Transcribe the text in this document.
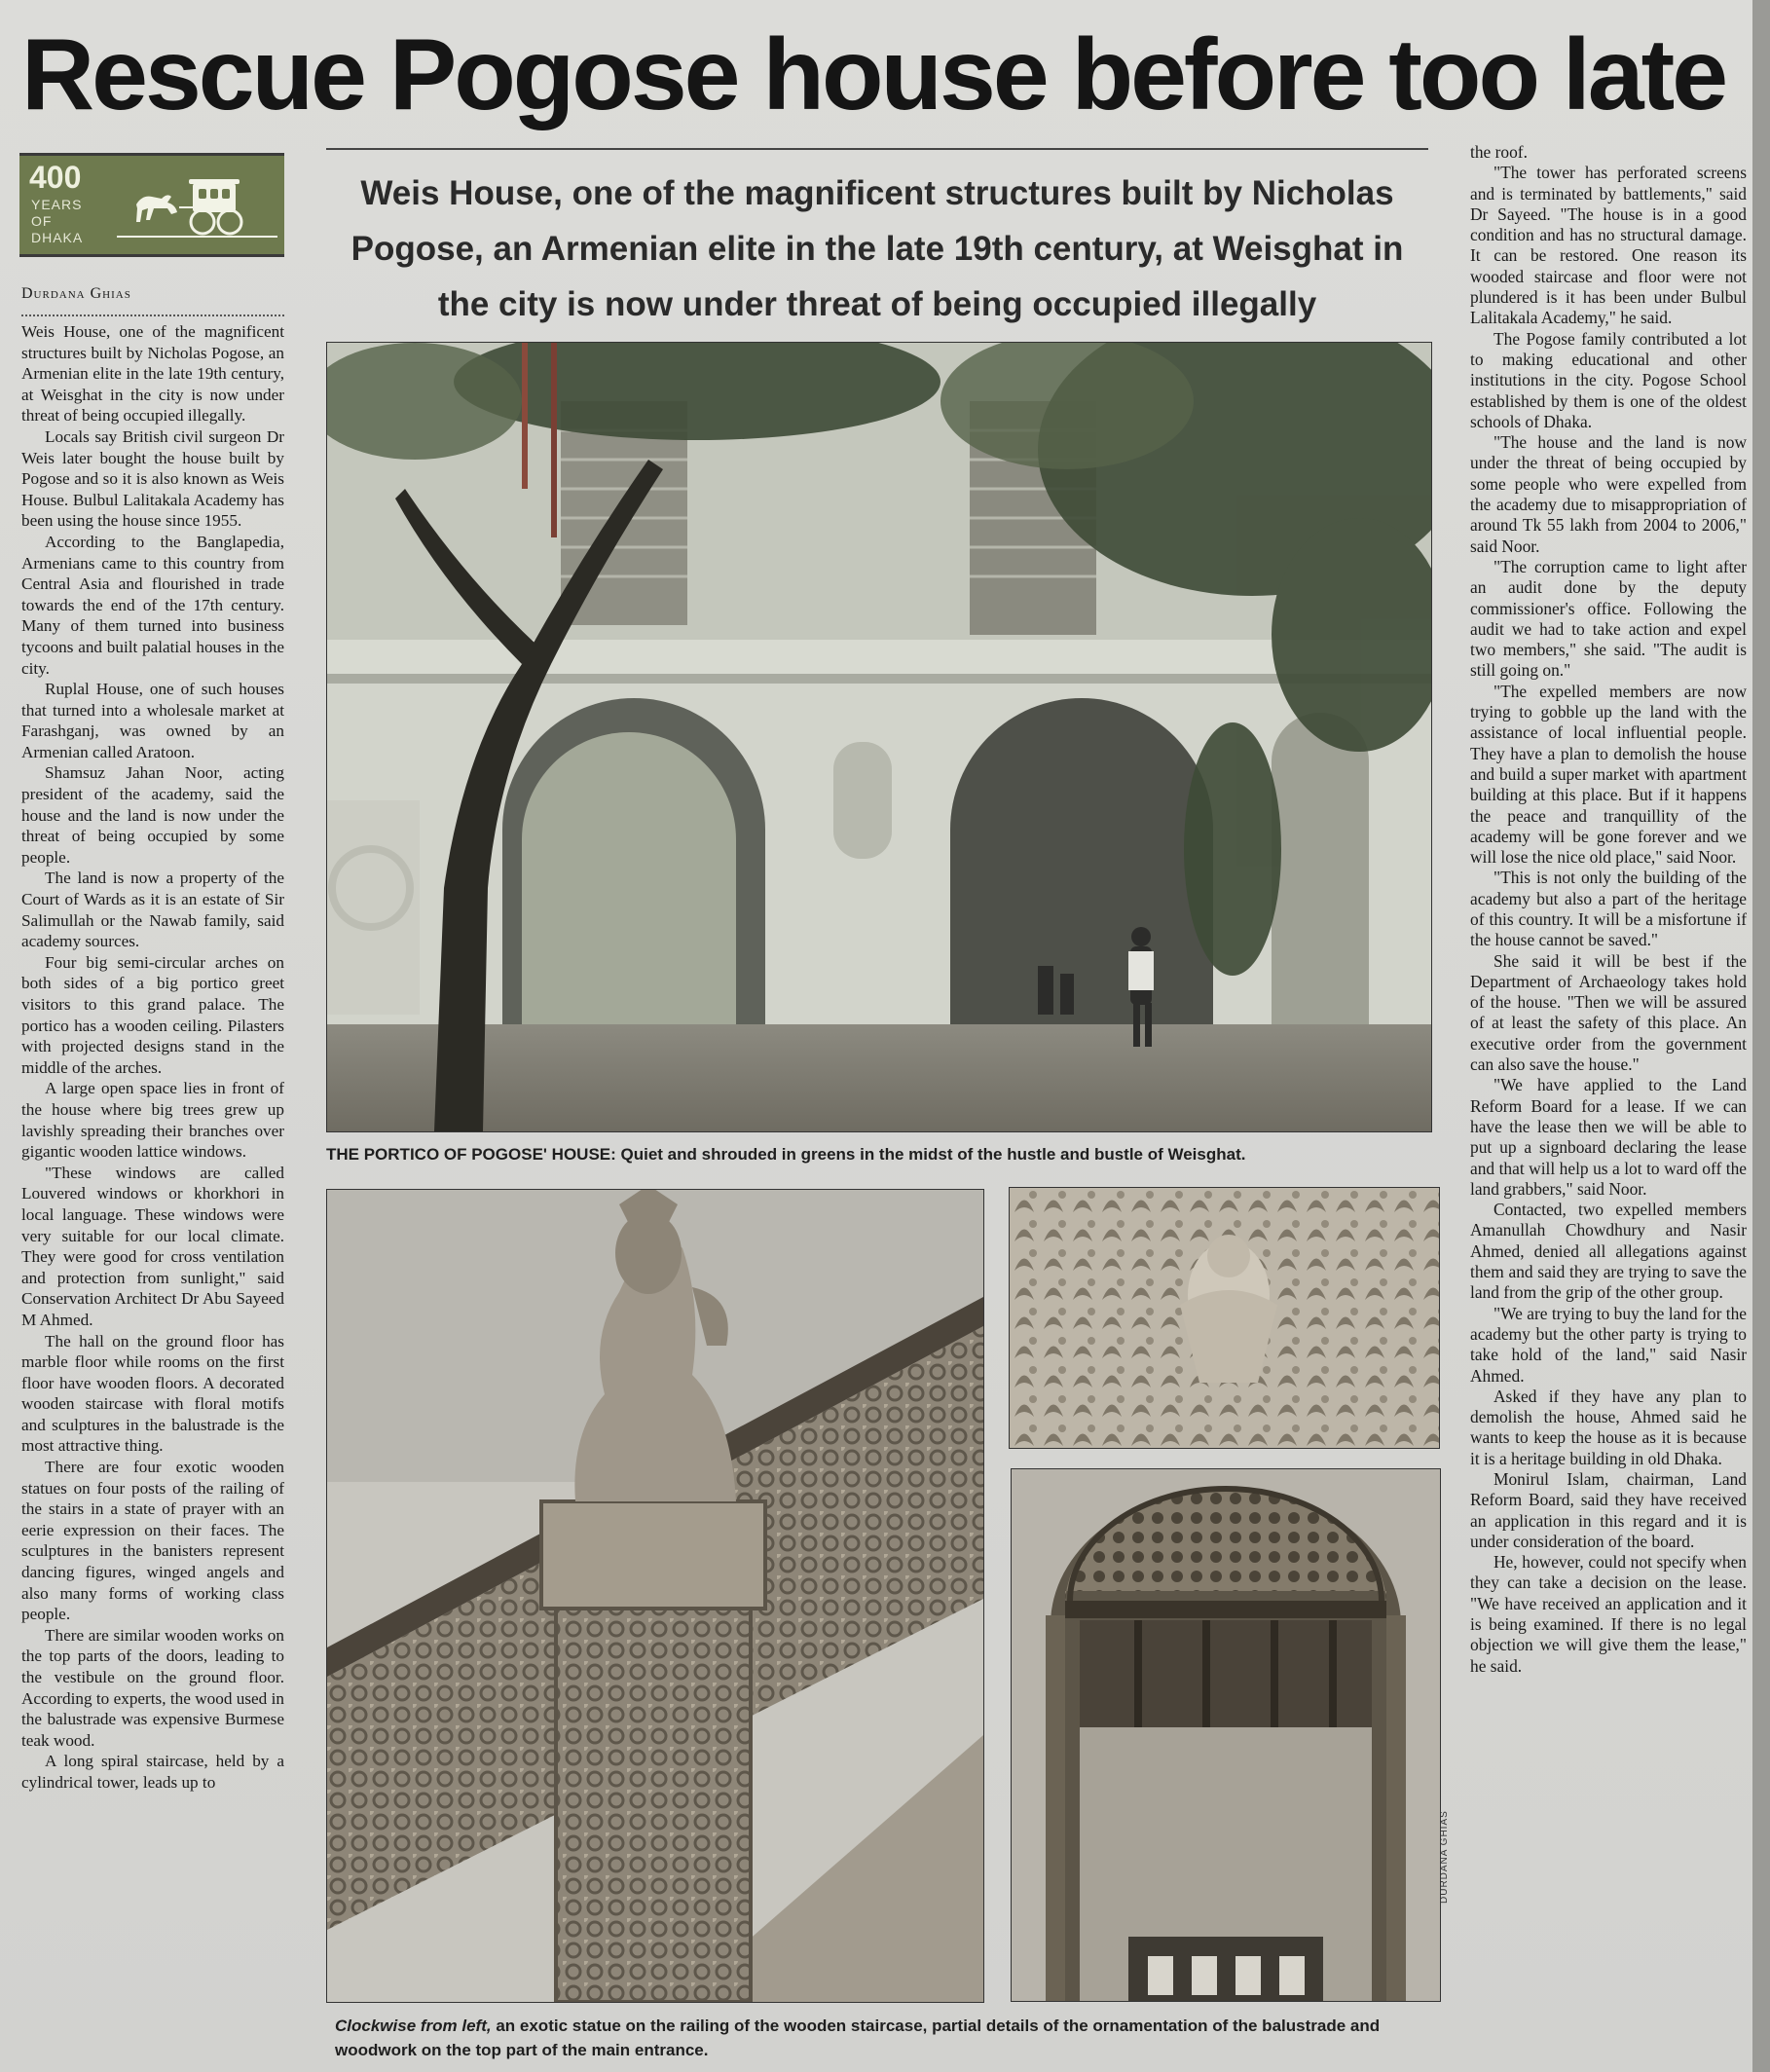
Rescue Pogose house before too late
400
YEARS
OF
DHAKA
Durdana Ghias

Weis House, one of the magnificent structures built by Nicholas Pogose, an Armenian elite in the late 19th century, at Weisghat in the city is now under threat of being occupied illegally.

Locals say British civil surgeon Dr Weis later bought the house built by Pogose and so it is also known as Weis House. Bulbul Lalitakala Academy has been using the house since 1955.

According to the Banglapedia, Armenians came to this country from Central Asia and flourished in trade towards the end of the 17th century. Many of them turned into business tycoons and built palatial houses in the city.

Ruplal House, one of such houses that turned into a wholesale market at Farashganj, was owned by an Armenian called Aratoon.

Shamsuz Jahan Noor, acting president of the academy, said the house and the land is now under the threat of being occupied by some people.

The land is now a property of the Court of Wards as it is an estate of Sir Salimullah or the Nawab family, said academy sources.

Four big semi-circular arches on both sides of a big portico greet visitors to this grand palace. The portico has a wooden ceiling. Pilasters with projected designs stand in the middle of the arches.

A large open space lies in front of the house where big trees grew up lavishly spreading their branches over gigantic wooden lattice windows.

"These windows are called Louvered windows or khorkhori in local language. These windows were very suitable for our local climate. They were good for cross ventilation and protection from sunlight," said Conservation Architect Dr Abu Sayeed M Ahmed.

The hall on the ground floor has marble floor while rooms on the first floor have wooden floors. A decorated wooden staircase with floral motifs and sculptures in the balustrade is the most attractive thing.

There are four exotic wooden statues on four posts of the railing of the stairs in a state of prayer with an eerie expression on their faces. The sculptures in the banisters represent dancing figures, winged angels and also many forms of working class people.

There are similar wooden works on the top parts of the doors, leading to the vestibule on the ground floor. According to experts, the wood used in the balustrade was expensive Burmese teak wood.

A long spiral staircase, held by a cylindrical tower, leads up to

Weis House, one of the magnificent structures built by Nicholas Pogose, an Armenian elite in the late 19th century, at Weisghat in the city is now under threat of being occupied illegally
THE PORTICO OF POGOSE' HOUSE: Quiet and shrouded in greens in the midst of the hustle and bustle of Weisghat.
DURDANA GHIAS
Clockwise from left, an exotic statue on the railing of the wooden staircase, partial details of the ornamentation of the balustrade and woodwork on the top part of the main entrance.

the roof.

"The tower has perforated screens and is terminated by battlements," said Dr Sayeed. "The house is in a good condition and has no structural damage. It can be restored. One reason its wooded staircase and floor were not plundered is it has been under Bulbul Lalitakala Academy," he said.

The Pogose family contributed a lot to making educational and other institutions in the city. Pogose School established by them is one of the oldest schools of Dhaka.

"The house and the land is now under the threat of being occupied by some people who were expelled from the academy due to misappropriation of around Tk 55 lakh from 2004 to 2006," said Noor.

"The corruption came to light after an audit done by the deputy commissioner's office. Following the audit we had to take action and expel two members," she said. "The audit is still going on."

"The expelled members are now trying to gobble up the land with the assistance of local influential people. They have a plan to demolish the house and build a super market with apartment building at this place. But if it happens the peace and tranquillity of the academy will be gone forever and we will lose the nice old place," said Noor.

"This is not only the building of the academy but also a part of the heritage of this country. It will be a misfortune if the house cannot be saved."

She said it will be best if the Department of Archaeology takes hold of the house. "Then we will be assured of at least the safety of this place. An executive order from the government can also save the house."

"We have applied to the Land Reform Board for a lease. If we can have the lease then we will be able to put up a signboard declaring the lease and that will help us a lot to ward off the land grabbers," said Noor.

Contacted, two expelled members Amanullah Chowdhury and Nasir Ahmed, denied all allegations against them and said they are trying to save the land from the grip of the other group.

"We are trying to buy the land for the academy but the other party is trying to take hold of the land," said Nasir Ahmed.

Asked if they have any plan to demolish the house, Ahmed said he wants to keep the house as it is because it is a heritage building in old Dhaka.

Monirul Islam, chairman, Land Reform Board, said they have received an application in this regard and it is under consideration of the board.

He, however, could not specify when they can take a decision on the lease. "We have received an application and it is being examined. If there is no legal objection we will give them the lease," he said.
